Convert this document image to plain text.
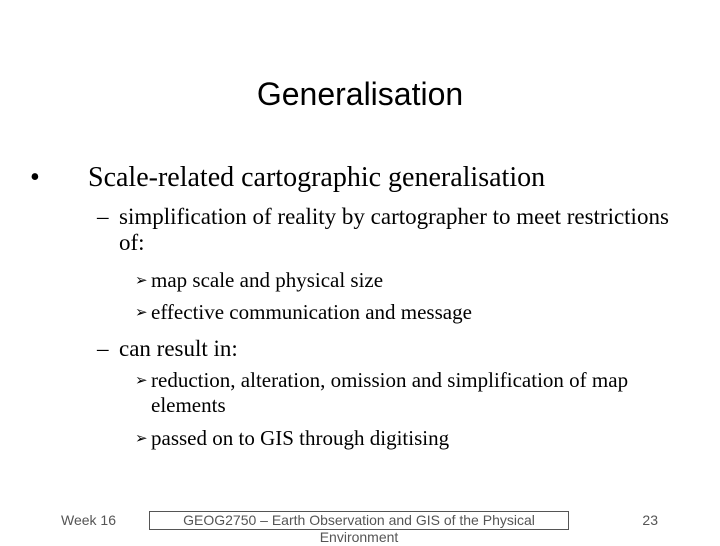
Generalisation
• Scale-related cartographic generalisation
– simplification of reality by cartographer to meet restrictions of:
➢ map scale and physical size
➢ effective communication and message
– can result in:
➢ reduction, alteration, omission and simplification of map elements
➢ passed on to GIS through digitising
Week 16	GEOG2750 – Earth Observation and GIS of the Physical Environment
23
